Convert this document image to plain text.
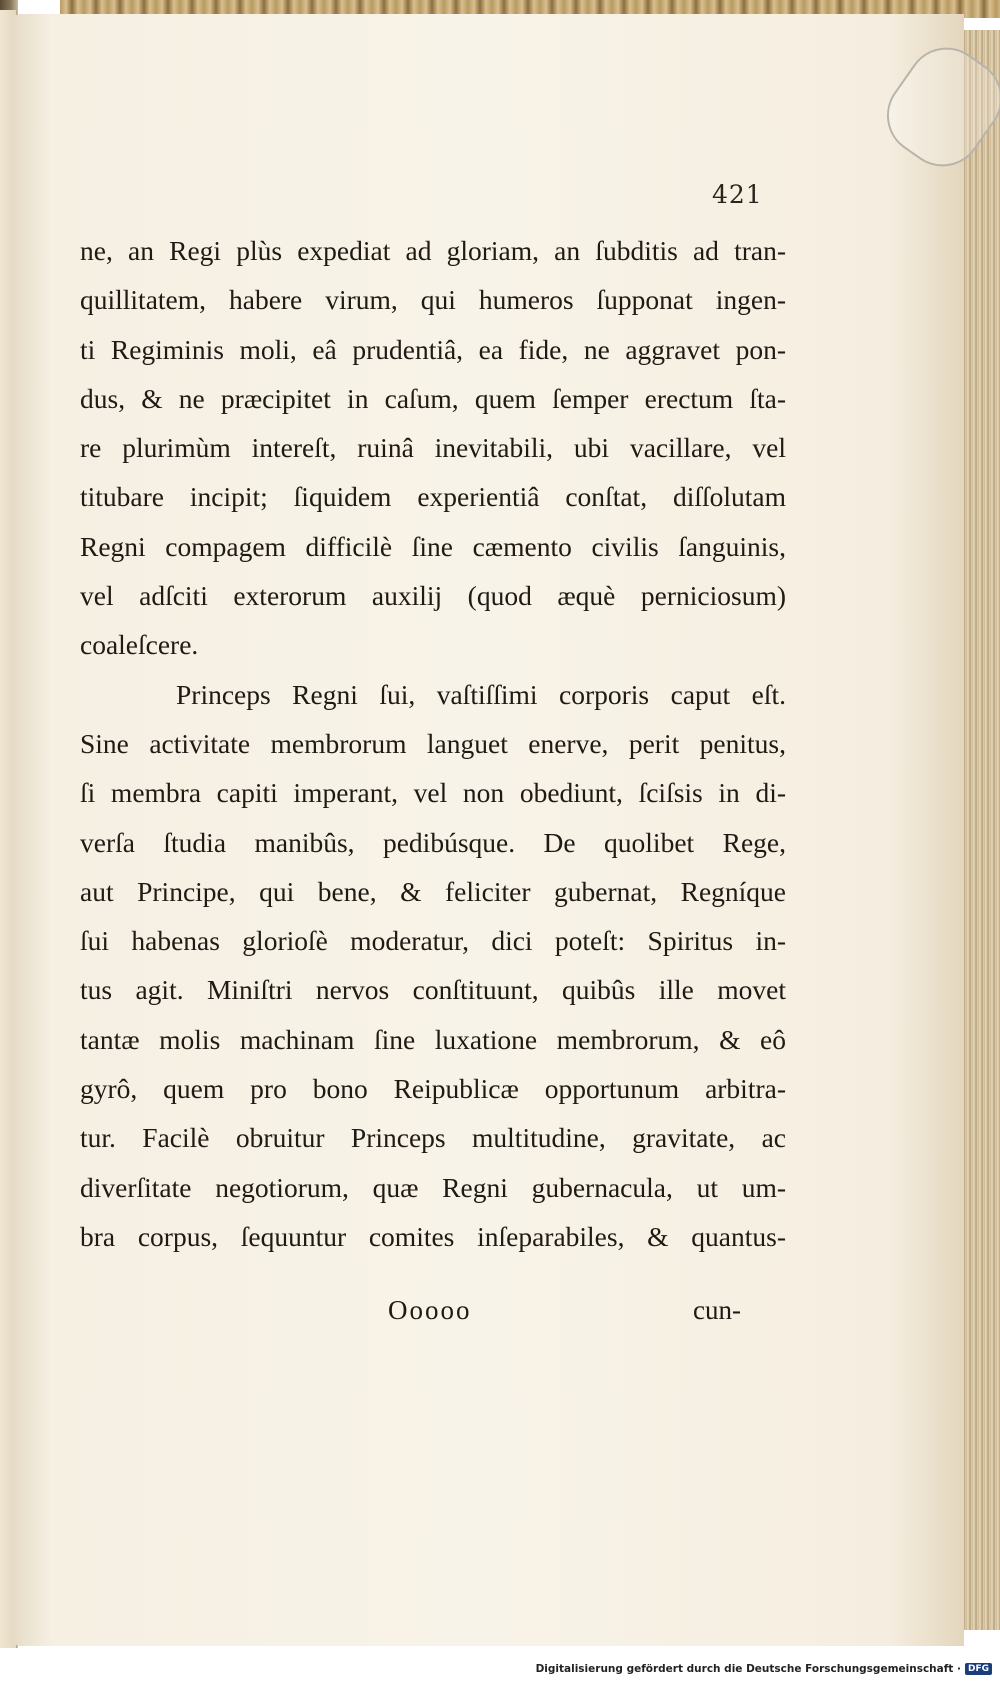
421
ne, an Regi plùs expediat ad gloriam, an ſubditis ad tran-
quillitatem, habere virum, qui humeros ſupponat ingen-
ti Regiminis moli, eâ prudentiâ, ea fide, ne aggravet pon-
dus, & ne præcipitet in caſum, quem ſemper erectum ſta-
re plurimùm intereſt, ruinâ inevitabili, ubi vacillare, vel
titubare incipit; ſiquidem experientiâ conſtat, diſſolutam
Regni compagem difficilè ſine cæmento civilis ſanguinis,
vel adſciti exterorum auxilij (quod æquè perniciosum)
coaleſcere.
Princeps Regni ſui, vaſtiſſimi corporis caput eſt.
Sine activitate membrorum languet enerve, perit penitus,
ſi membra capiti imperant, vel non obediunt, ſciſsis in di-
verſa ſtudia manibûs, pedibúsque. De quolibet Rege,
aut Principe, qui bene, & feliciter gubernat, Regníque
ſui habenas glorioſè moderatur, dici poteſt: Spiritus in-
tus agit. Miniſtri nervos conſtituunt, quibûs ille movet
tantæ molis machinam ſine luxatione membrorum, & eô
gyrô, quem pro bono Reipublicæ opportunum arbitra-
tur. Facilè obruitur Princeps multitudine, gravitate, ac
diverſitate negotiorum, quæ Regni gubernacula, ut um-
bra corpus, ſequuntur comites inſeparabiles, & quantus-
Ooooo	cun-
Digitalisierung gefördert durch die Deutsche Forschungsgemeinschaft · DFG
